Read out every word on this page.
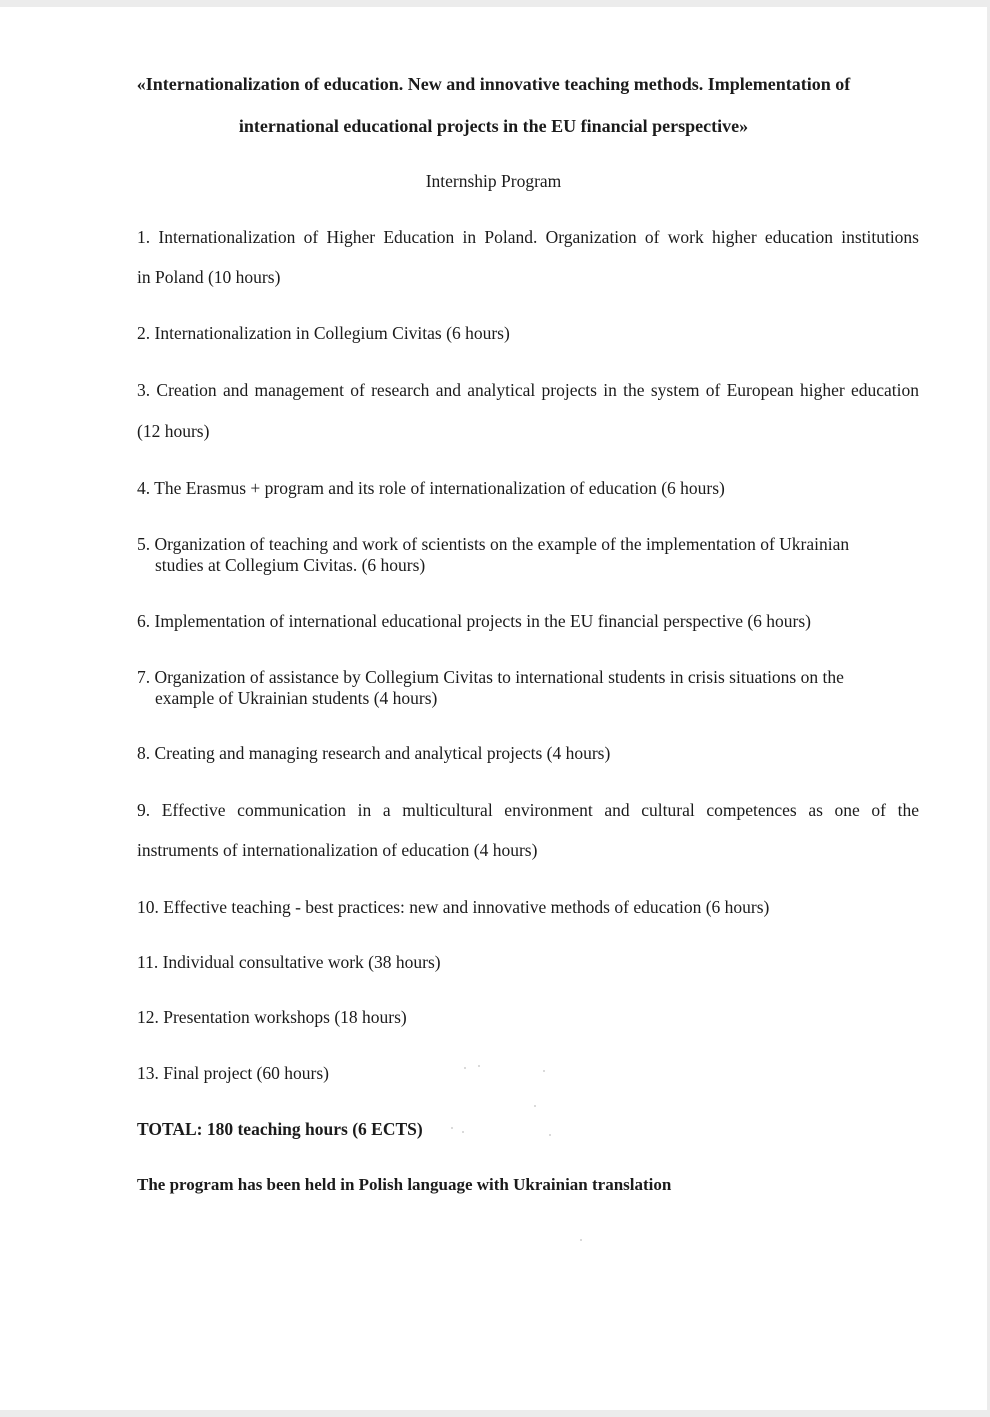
«Internationalization of education. New and innovative teaching methods. Implementation of
international educational projects in the EU financial perspective»
Internship Program
1. Internationalization of Higher Education in Poland. Organization of work higher education institutions
in Poland (10 hours)
2. Internationalization in Collegium Civitas (6 hours)
3. Creation and management of research and analytical projects in the system of European higher education
(12 hours)
4. The Erasmus + program and its role of internationalization of education (6 hours)
5. Organization of teaching and work of scientists on the example of the implementation of Ukrainian
studies at Collegium Civitas. (6 hours)
6. Implementation of international educational projects in the EU financial perspective (6 hours)
7. Organization of assistance by Collegium Civitas to international students in crisis situations on the
example of Ukrainian students (4 hours)
8. Creating and managing research and analytical projects (4 hours)
9. Effective communication in a multicultural environment and cultural competences as one of the
instruments of internationalization of education (4 hours)
10. Effective teaching - best practices: new and innovative methods of education (6 hours)
11. Individual consultative work (38 hours)
12. Presentation workshops (18 hours)
13. Final project (60 hours)
TOTAL: 180 teaching hours (6 ECTS)
The program has been held in Polish language with Ukrainian translation
